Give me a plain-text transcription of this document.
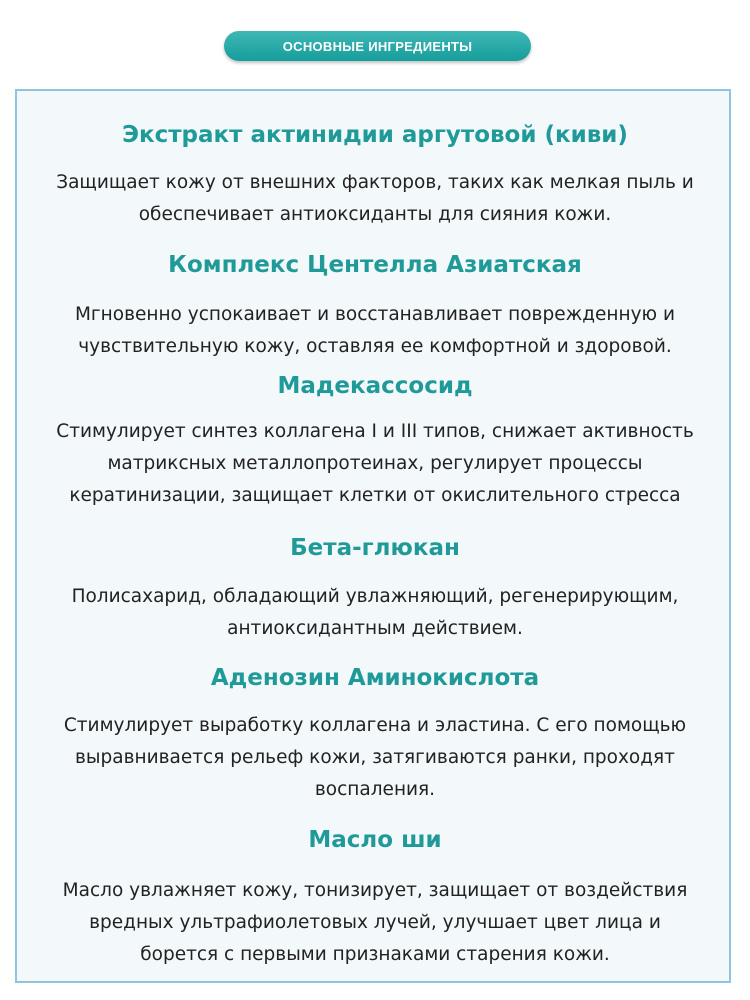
ОСНОВНЫЕ ИНГРЕДИЕНТЫ

Экстракт актинидии аргутовой (киви)

Защищает кожу от внешних факторов, таких как мелкая пыль и
обеспечивает антиоксиданты для сияния кожи.

Комплекс Центелла Азиатская

Мгновенно успокаивает и восстанавливает поврежденную и
чувствительную кожу, оставляя ее комфортной и здоровой.

Мадекассосид

Стимулирует синтез коллагена I и III типов, снижает активность
матриксных металлопротеинах, регулирует процессы
кератинизации, защищает клетки от окислительного стресса

Бета-глюкан

Полисахарид, обладающий увлажняющий, регенерирующим,
антиоксидантным действием.

Аденозин Аминокислота

Стимулирует выработку коллагена и эластина. С его помощью
выравнивается рельеф кожи, затягиваются ранки, проходят
воспаления.

Масло ши

Масло увлажняет кожу, тонизирует, защищает от воздействия
вредных ультрафиолетовых лучей, улучшает цвет лица и
борется с первыми признаками старения кожи.
